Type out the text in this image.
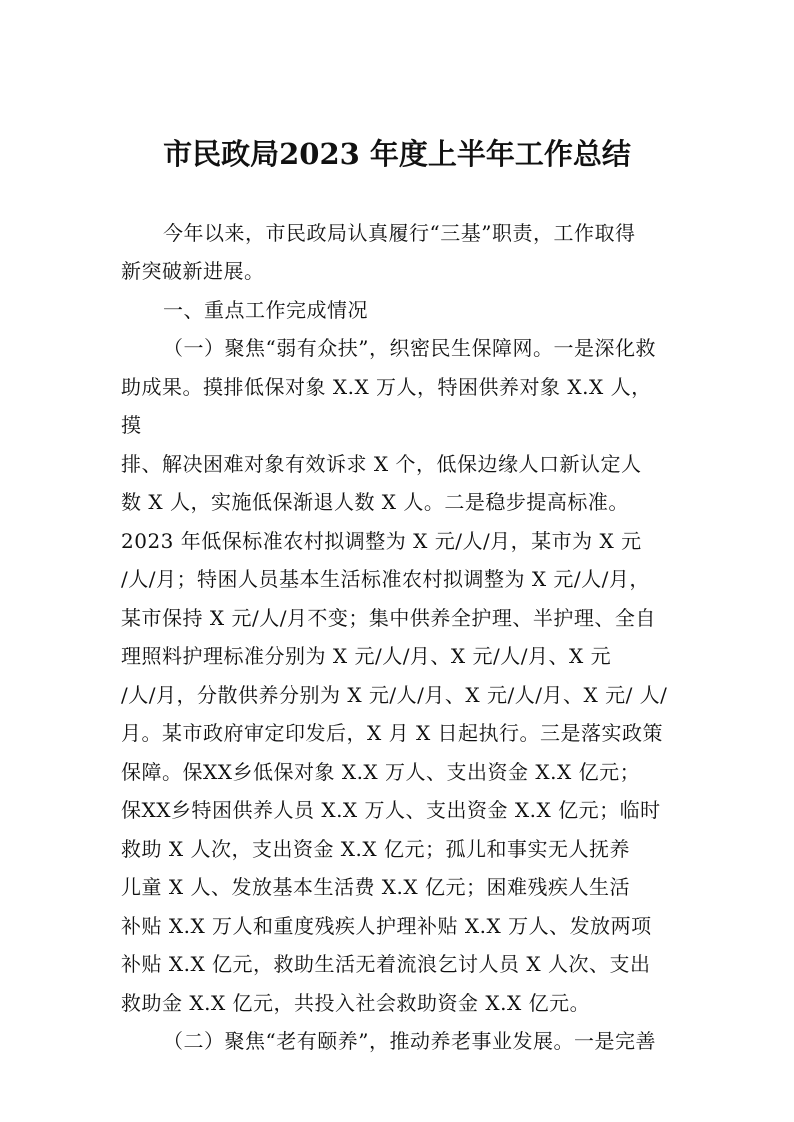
市民政局2023 年度上半年工作总结
今年以来，市民政局认真履行“三基”职责，工作取得
新突破新进展。
一、重点工作完成情况
（一）聚焦“弱有众扶”，织密民生保障网。一是深化救
助成果。摸排低保对象 X.X 万人，特困供养对象 X.X 人，
摸
排、解决困难对象有效诉求 X 个，低保边缘人口新认定人
数 X 人，实施低保渐退人数 X 人。二是稳步提高标准。
2023 年低保标准农村拟调整为 X 元/人/月，某市为 X 元
/人/月；特困人员基本生活标准农村拟调整为 X 元/人/月，
某市保持 X 元/人/月不变；集中供养全护理、半护理、全自
理照料护理标准分别为 X 元/人/月、X 元/人/月、X 元
/人/月，分散供养分别为 X 元/人/月、X 元/人/月、X 元/ 人/
月。某市政府审定印发后，X 月 X 日起执行。三是落实政策
保障。保XX乡低保对象 X.X 万人、支出资金 X.X 亿元；
保XX乡特困供养人员 X.X 万人、支出资金 X.X 亿元；临时
救助 X 人次，支出资金 X.X 亿元；孤儿和事实无人抚养
儿童 X 人、发放基本生活费 X.X 亿元；困难残疾人生活
补贴 X.X 万人和重度残疾人护理补贴 X.X 万人、发放两项
补贴 X.X 亿元，救助生活无着流浪乞讨人员 X 人次、支出
救助金 X.X 亿元，共投入社会救助资金 X.X 亿元。
（二）聚焦“老有颐养”，推动养老事业发展。一是完善
